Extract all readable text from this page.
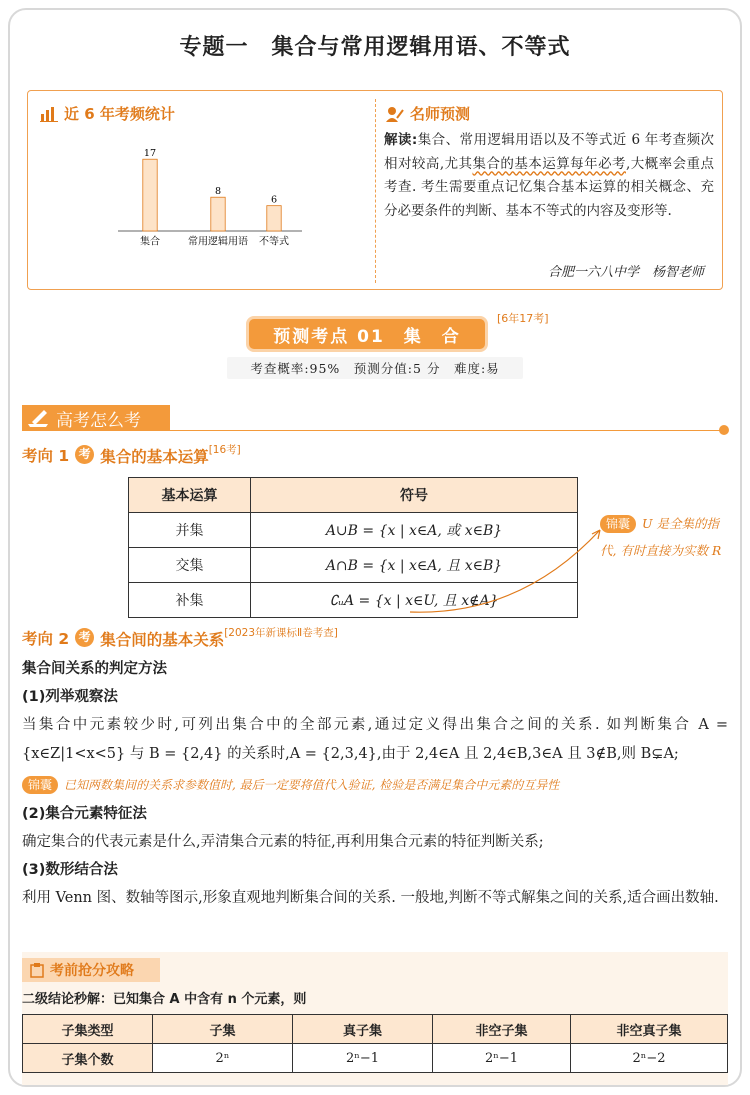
专题一　集合与常用逻辑用语、不等式
近 6 年考频统计
17
集合
8
常用逻辑用语
6
不等式
名师预测
解读:集合、常用逻辑用语以及不等式近 6 年考查频次相对较高,尤其集合的基本运算每年必考,大概率会重点考查. 考生需要重点记忆集合基本运算的相关概念、充分必要条件的判断、基本不等式的内容及变形等.
合肥一六八中学　杨智老师
预测考点 01　集　合
[6年17考]
考查概率:95%　预测分值:5 分　难度:易
高考怎么考
考向 1 考 集合的基本运算[16考]
基本运算	符号
并集	A∪B = {x | x∈A, 或 x∈B}
交集	A∩B = {x | x∈A, 且 x∈B}
补集	∁ᵤA = {x | x∈U, 且 x∉A}
锦囊 U 是全集的指代, 有时直接为实数 R
考向 2 考 集合间的基本关系[2023年新课标Ⅱ卷考查]
集合间关系的判定方法
(1)列举观察法
当集合中元素较少时,可列出集合中的全部元素,通过定义得出集合之间的关系. 如判断集合 A = {x∈Z|1<x<5} 与 B = {2,4} 的关系时,A = {2,3,4},由于 2,4∈A 且 2,4∈B,3∈A 且 3∉B,则 B⊊A;
锦囊 已知两数集间的关系求参数值时, 最后一定要将值代入验证, 检验是否满足集合中元素的互异性
(2)集合元素特征法
确定集合的代表元素是什么,弄清集合元素的特征,再利用集合元素的特征判断关系;
(3)数形结合法
利用 Venn 图、数轴等图示,形象直观地判断集合间的关系. 一般地,判断不等式解集之间的关系,适合画出数轴.
考前抢分攻略
二级结论秒解：已知集合 A 中含有 n 个元素，则
子集类型	子集	真子集	非空子集	非空真子集
子集个数	2ⁿ	2ⁿ−1	2ⁿ−1	2ⁿ−2
